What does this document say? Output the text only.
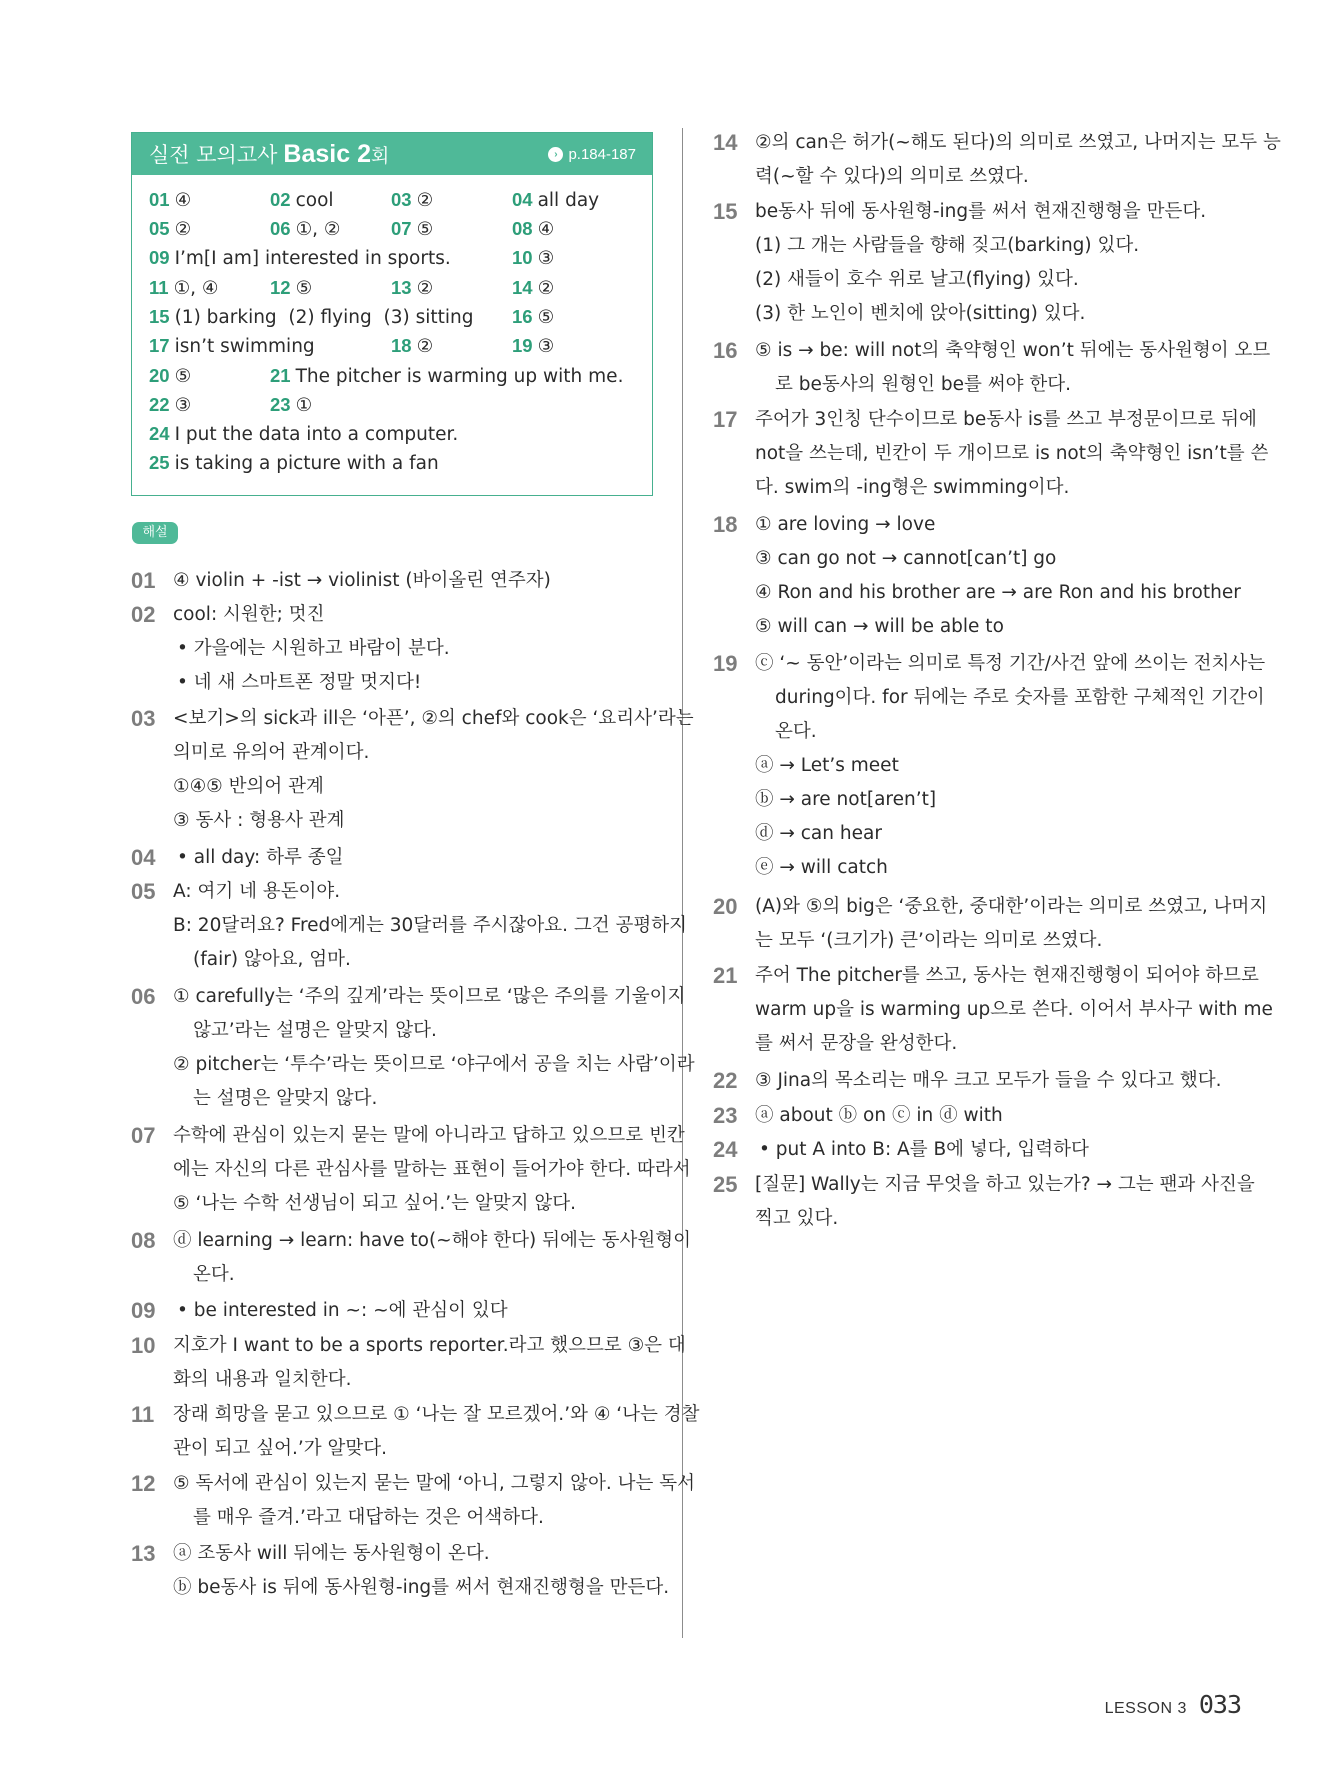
실전 모의고사 Basic 2회	› p.184-187
01 ④	02 cool	03 ②	04 all day
05 ②	06 ①, ②	07 ⑤	08 ④
09 I’m[I am] interested in sports.	10 ③
11 ①, ④	12 ⑤	13 ②	14 ②
15 (1) barking  (2) flying  (3) sitting 16 ⑤
17 isn’t swimming	18 ②	19 ③
20 ⑤	21 The pitcher is warming up with me.
22 ③	23 ①
24 I put the data into a computer.
25 is taking a picture with a fan
해설
01 ④ violin + -ist → violinist (바이올린 연주자)
02 cool: 시원한; 멋진
• 가을에는 시원하고 바람이 분다.
• 네 새 스마트폰 정말 멋지다!
03 <보기>의 sick과 ill은 ‘아픈’, ②의 chef와 cook은 ‘요리사’라는
의미로 유의어 관계이다.
①④⑤ 반의어 관계
③ 동사 : 형용사 관계
04	• all day: 하루 종일
05 A: 여기 네 용돈이야.
B: 20달러요? Fred에게는 30달러를 주시잖아요. 그건 공평하지
(fair) 않아요, 엄마.
06 ① carefully는 ‘주의 깊게’라는 뜻이므로 ‘많은 주의를 기울이지
않고’라는 설명은 알맞지 않다.
② pitcher는 ‘투수’라는 뜻이므로 ‘야구에서 공을 치는 사람’이라
는 설명은 알맞지 않다.
07 수학에 관심이 있는지 묻는 말에 아니라고 답하고 있으므로 빈칸
에는 자신의 다른 관심사를 말하는 표현이 들어가야 한다. 따라서
⑤ ‘나는 수학 선생님이 되고 싶어.’는 알맞지 않다.
08 ⓓ learning → learn: have to(~해야 한다) 뒤에는 동사원형이
온다.
09	• be interested in ~: ~에 관심이 있다
10 지호가 I want to be a sports reporter.라고 했으므로 ③은 대
화의 내용과 일치한다.
11	장래 희망을 묻고 있으므로 ① ‘나는 잘 모르겠어.’와 ④ ‘나는 경찰
관이 되고 싶어.’가 알맞다.
12 ⑤ 독서에 관심이 있는지 묻는 말에 ‘아니, 그렇지 않아. 나는 독서
를 매우 즐겨.’라고 대답하는 것은 어색하다.
13 ⓐ 조동사 will 뒤에는 동사원형이 온다.
ⓑ be동사 is 뒤에 동사원형-ing를 써서 현재진행형을 만든다.
14 ②의 can은 허가(~해도 된다)의 의미로 쓰였고, 나머지는 모두 능
력(~할 수 있다)의 의미로 쓰였다.
15 be동사 뒤에 동사원형-ing를 써서 현재진행형을 만든다.
(1) 그 개는 사람들을 향해 짖고(barking) 있다.
(2) 새들이 호수 위로 날고(flying) 있다.
(3) 한 노인이 벤치에 앉아(sitting) 있다.
16 ⑤ is → be: will not의 축약형인 won’t 뒤에는 동사원형이 오므
로 be동사의 원형인 be를 써야 한다.
17 주어가 3인칭 단수이므로 be동사 is를 쓰고 부정문이므로 뒤에
not을 쓰는데, 빈칸이 두 개이므로 is not의 축약형인 isn’t를 쓴
다. swim의 -ing형은 swimming이다.
18 ① are loving → love
③ can go not → cannot[can’t] go
④ Ron and his brother are → are Ron and his brother
⑤ will can → will be able to
19 ⓒ ‘~ 동안’이라는 의미로 특정 기간/사건 앞에 쓰이는 전치사는
during이다. for 뒤에는 주로 숫자를 포함한 구체적인 기간이
온다.
ⓐ → Let’s meet
ⓑ → are not[aren’t]
ⓓ → can hear
ⓔ → will catch
20 (A)와 ⑤의 big은 ‘중요한, 중대한’이라는 의미로 쓰였고, 나머지
는 모두 ‘(크기가) 큰’이라는 의미로 쓰였다.
21 주어 The pitcher를 쓰고, 동사는 현재진행형이 되어야 하므로
warm up을 is warming up으로 쓴다. 이어서 부사구 with me
를 써서 문장을 완성한다.
22 ③ Jina의 목소리는 매우 크고 모두가 들을 수 있다고 했다.
23 ⓐ about ⓑ on ⓒ in ⓓ with
24	• put A into B: A를 B에 넣다, 입력하다
25 [질문] Wally는 지금 무엇을 하고 있는가? → 그는 팬과 사진을
찍고 있다.
LESSON 3 033
